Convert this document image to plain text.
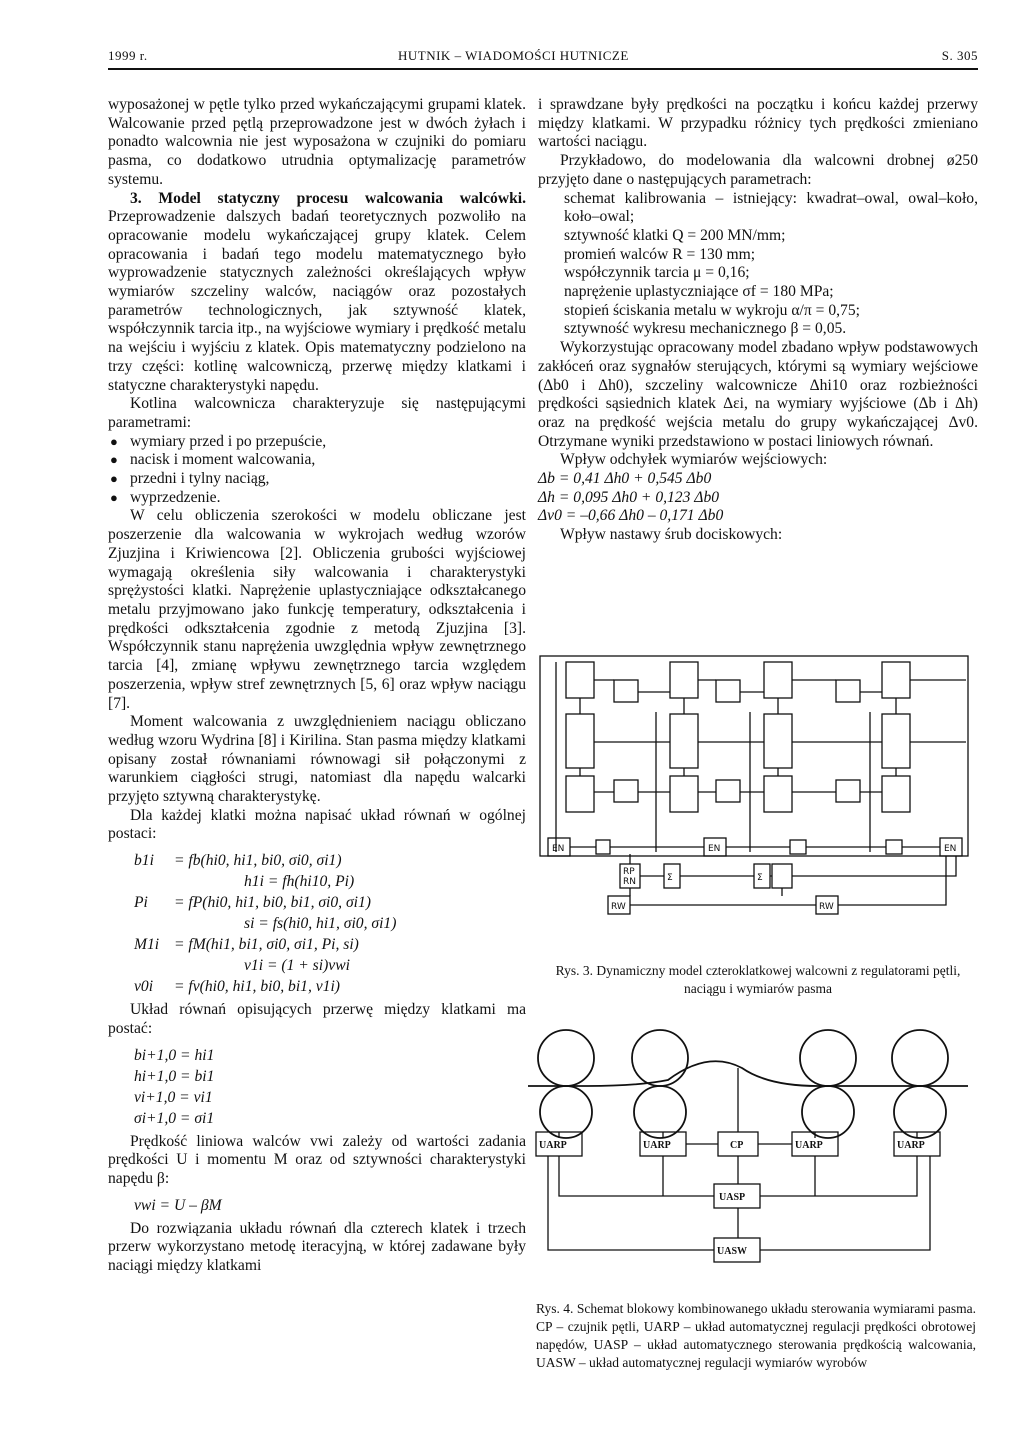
1999 r.	HUTNIK – WIADOMOŚCI HUTNICZE	S. 305

wyposażonej w pętle tylko przed wykańczającymi grupami klatek. Walcowanie przed pętlą przeprowadzone jest w dwóch żyłach i ponadto walcownia nie jest wyposażona w czujniki do pomiaru pasma, co dodatkowo utrudnia optymalizację parametrów systemu.

3. Model statyczny procesu walcowania walcówki. Przeprowadzenie dalszych badań teoretycznych pozwoliło na opracowanie modelu wykańczającej grupy klatek. Celem opracowania i badań tego modelu matematycznego było wyprowadzenie statycznych zależności określających wpływ wymiarów szczeliny walców, naciągów oraz pozostałych parametrów technologicznych, jak sztywność klatek, współczynnik tarcia itp., na wyjściowe wymiary i prędkość metalu na wejściu i wyjściu z klatek. Opis matematyczny podzielono na trzy części: kotlinę walcowniczą, przerwę między klatkami i statyczne charakterystyki napędu.

Kotlina walcownicza charakteryzuje się następującymi parametrami:

● wymiary przed i po przepuście,
● nacisk i moment walcowania,
● przedni i tylny naciąg,
● wyprzedzenie.

W celu obliczenia szerokości w modelu obliczane jest poszerzenie dla walcowania w wykrojach według wzorów Zjuzjina i Kriwiencowa [2]. Obliczenia grubości wyjściowej wymagają określenia siły walcowania i charakterystyki sprężystości klatki. Naprężenie uplastyczniające odkształcanego metalu przyjmowano jako funkcję temperatury, odkształcenia i prędkości odkształcenia zgodnie z metodą Zjuzjina [3]. Współczynnik stanu naprężenia uwzględnia wpływ zewnętrznego tarcia [4], zmianę wpływu zewnętrznego tarcia względem poszerzenia, wpływ stref zewnętrznych [5, 6] oraz wpływ naciągu [7].

Moment walcowania z uwzględnieniem naciągu obliczano według wzoru Wydrina [8] i Kirilina. Stan pasma między klatkami opisany został równaniami równowagi sił połączonymi z warunkiem ciągłości strugi, natomiast dla napędu walcarki przyjęto sztywną charakterystykę.

Dla każdej klatki można napisać układ równań w ogólnej postaci:

b1i	= fb(hi0, hi1, bi0, σi0, σi1)
h1i = fh(hi10, Pi)
Pi	= fP(hi0, hi1, bi0, bi1, σi0, σi1)
si = fs(hi0, hi1, σi0, σi1)
M1i = fM(hi1, bi1, σi0, σi1, Pi, si)
v1i = (1 + si)vwi
v0i	= fv(hi0, hi1, bi0, bi1, v1i)

Układ równań opisujących przerwę między klatkami ma postać:

bi+1,0 = hi1
hi+1,0 = bi1
vi+1,0 = vi1
σi+1,0 = σi1

Prędkość liniowa walców vwi zależy od wartości zadania prędkości U i momentu M oraz od sztywności charakterystyki napędu β:

vwi = U – βM

Do rozwiązania układu równań dla czterech klatek i trzech przerw wykorzystano metodę iteracyjną, w której zadawane były naciągi między klatkami

i sprawdzane były prędkości na początku i końcu każdej przerwy między klatkami. W przypadku różnicy tych prędkości zmieniano wartości naciągu.

Przykładowo, do modelowania dla walcowni drobnej ø250 przyjęto dane o następujących parametrach:

schemat kalibrowania – istniejący: kwadrat–owal, owal–koło, koło–owal;
sztywność klatki Q = 200 MN/mm;
promień walców R = 130 mm;
współczynnik tarcia μ = 0,16;
naprężenie uplastyczniające σf = 180 MPa;
stopień ściskania metalu w wykroju α/π = 0,75;
sztywność wykresu mechanicznego β = 0,05.

Wykorzystując opracowany model zbadano wpływ podstawowych zakłóceń oraz sygnałów sterujących, którymi są wymiary wejściowe (Δb0 i Δh0), szczeliny walcownicze Δhi10 oraz rozbieżności prędkości sąsiednich klatek Δεi, na wymiary wyjściowe (Δb i Δh) oraz na prędkość wejścia metalu do grupy wykańczającej Δv0. Otrzymane wyniki przedstawiono w postaci liniowych równań.

Wpływ odchyłek wymiarów wejściowych:

Δb = 0,41 Δh0 + 0,545 Δb0
Δh = 0,095 Δh0 + 0,123 Δb0
Δv0 = –0,66 Δh0 – 0,171 Δb0

Wpływ nastawy śrub dociskowych:

EN	EN	EN
RW	RW
RP
RN	Σ	Σ
Rys. 3. Dynamiczny model czteroklatkowej walcowni z regulatorami pętli, naciągu i wymiarów pasma
UARP	UARP	CP	UARP	UARP
UASP
UASW
Rys. 4. Schemat blokowy kombinowanego układu sterowania wymiarami pasma. CP – czujnik pętli, UARP – układ automatycznej regulacji prędkości obrotowej napędów, UASP – układ automatycznego sterowania prędkością walcowania, UASW – układ automatycznej regulacji wymiarów wyrobów
